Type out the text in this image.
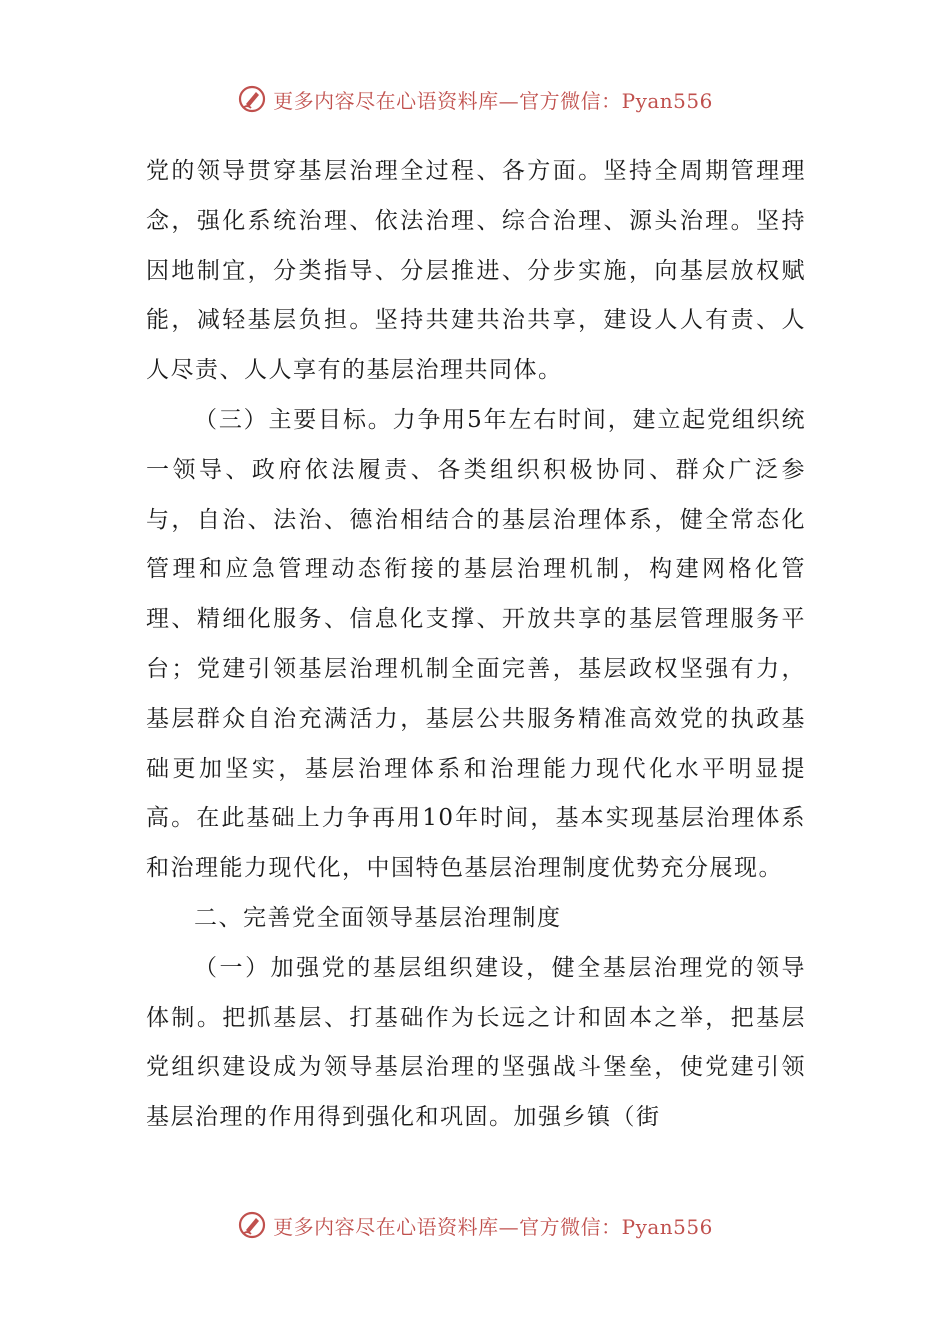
更多内容尽在心语资料库—官方微信：Pyan556

党的领导贯穿基层治理全过程、各方面。坚持全周期管理理念，强化系统治理、依法治理、综合治理、源头治理。坚持因地制宜，分类指导、分层推进、分步实施，向基层放权赋能，减轻基层负担。坚持共建共治共享，建设人人有责、人人尽责、人人享有的基层治理共同体。

（三）主要目标。力争用5年左右时间，建立起党组织统一领导、政府依法履责、各类组织积极协同、群众广泛参与，自治、法治、德治相结合的基层治理体系，健全常态化管理和应急管理动态衔接的基层治理机制，构建网格化管理、精细化服务、信息化支撑、开放共享的基层管理服务平台；党建引领基层治理机制全面完善，基层政权坚强有力，基层群众自治充满活力，基层公共服务精准高效党的执政基础更加坚实，基层治理体系和治理能力现代化水平明显提高。在此基础上力争再用10年时间，基本实现基层治理体系和治理能力现代化，中国特色基层治理制度优势充分展现。

二、完善党全面领导基层治理制度

（一）加强党的基层组织建设，健全基层治理党的领导体制。把抓基层、打基础作为长远之计和固本之举，把基层党组织建设成为领导基层治理的坚强战斗堡垒，使党建引领基层治理的作用得到强化和巩固。加强乡镇（街

更多内容尽在心语资料库—官方微信：Pyan556
